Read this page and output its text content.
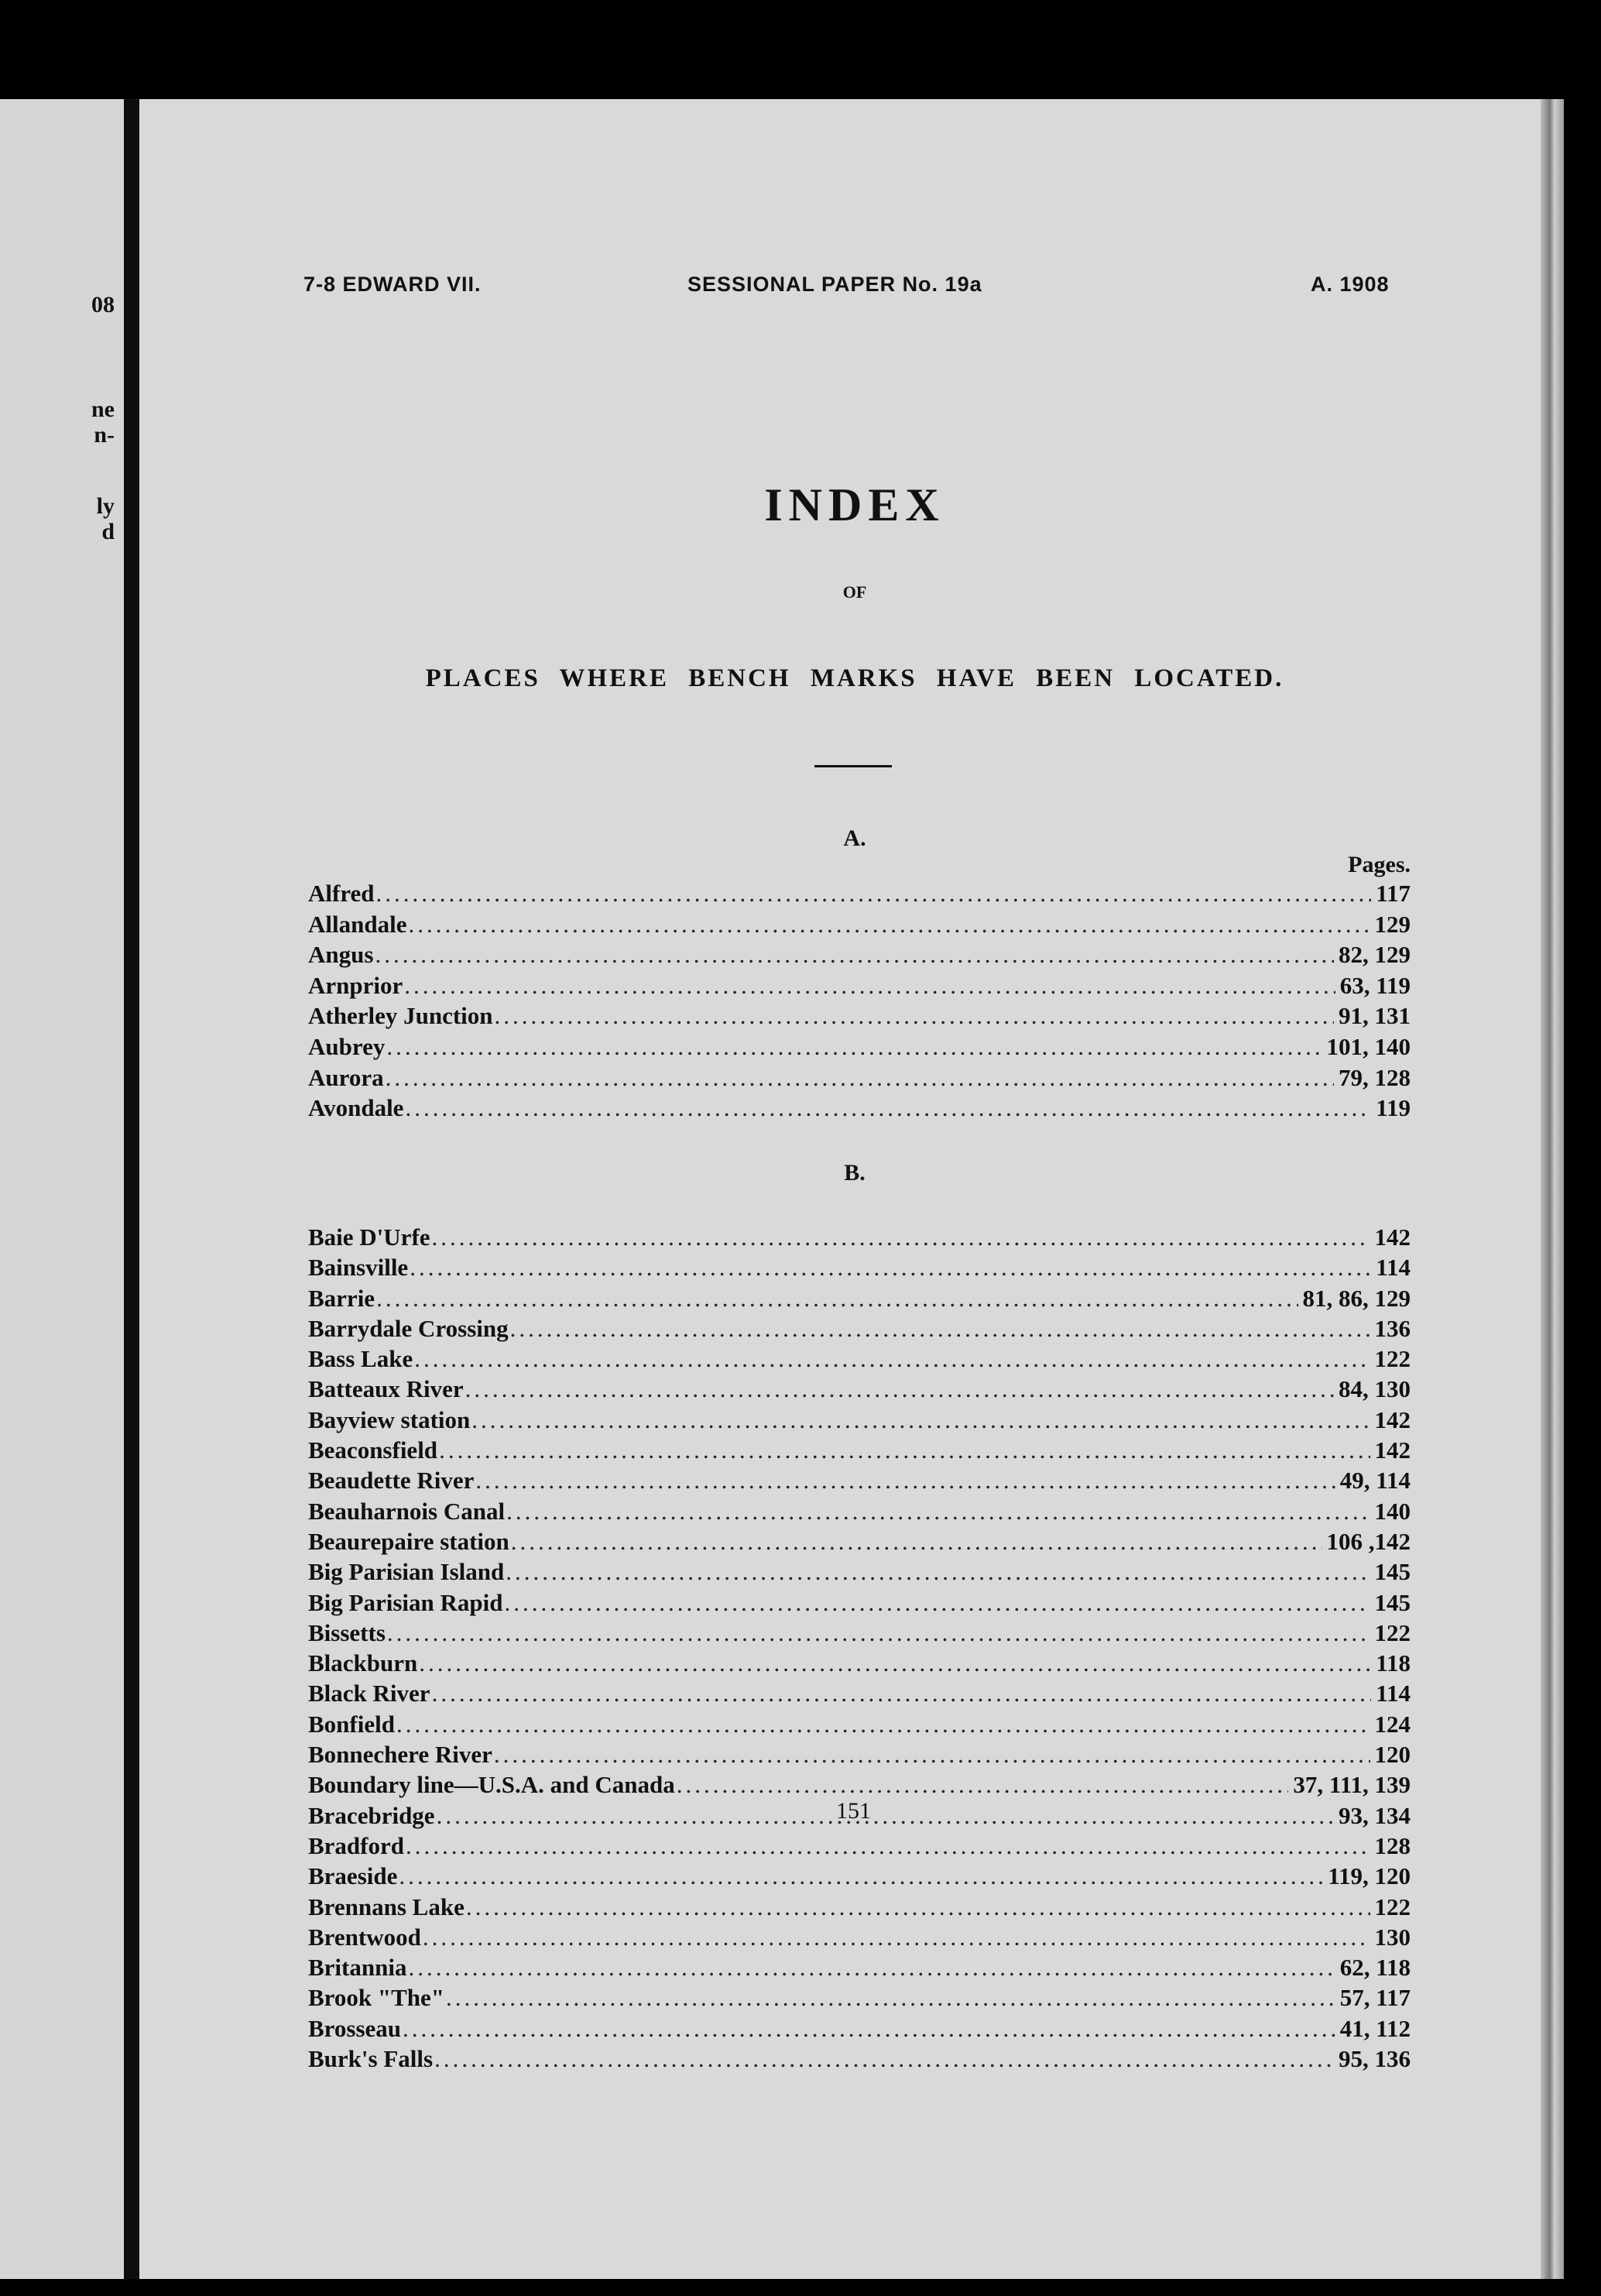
08
ne
n-
ly
d
7-8 EDWARD VII.	SESSIONAL PAPER No. 19a	A. 1908
INDEX
OF
PLACES WHERE BENCH MARKS HAVE BEEN LOCATED.
A.
Pages.
Alfred .....	117
Allandale .....	129
Angus .....	82, 129
Arnprior .....	63, 119
Atherley Junction .....	91, 131
Aubrey .....	101, 140
Aurora .....	79, 128
Avondale .....	119
B.
Baie D'Urfe .....	142
Bainsville .....	114
Barrie .....	81, 86, 129
Barrydale Crossing .....	136
Bass Lake .....	122
Batteaux River .....	84, 130
Bayview station .....	142
Beaconsfield .....	142
Beaudette River .....	49, 114
Beauharnois Canal .....	140
Beaurepaire station .....	106 ,142
Big Parisian Island .....	145
Big Parisian Rapid .....	145
Bissetts .....	122
Blackburn .....	118
Black River .....	114
Bonfield .....	124
Bonnechere River .....	120
Boundary line—U.S.A. and Canada .....	37, 111, 139
Bracebridge .....	93, 134
Bradford .....	128
Braeside .....	119, 120
Brennans Lake .....	122
Brentwood .....	130
Britannia .....	62, 118
Brook "The" .....	57, 117
Brosseau .....	41, 112
Burk's Falls .....	95, 136
151
